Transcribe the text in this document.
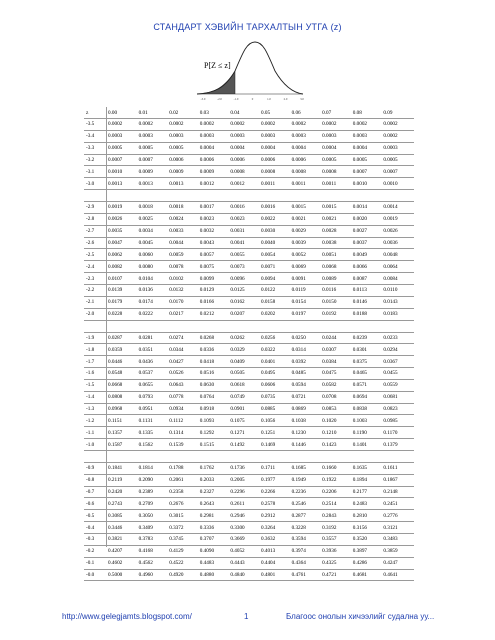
СТАНДАРТ ХЭВИЙН ТАРХАЛТЫН УТГА (z)
P[Z ≤ z]
-3.0	-2.0	-1.0	0	1.0	2.0	3.0
z	0.00	0.01	0.02	0.03	0.04	0.05	0.06	0.07	0.08	0.09
-3.5	0.0002	0.0002	0.0002	0.0002	0.0002	0.0002	0.0002	0.0002	0.0002	0.0002
-3.4	0.0003	0.0003	0.0003	0.0003	0.0003	0.0003	0.0003	0.0003	0.0003	0.0002
-3.3	0.0005	0.0005	0.0005	0.0004	0.0004	0.0004	0.0004	0.0004	0.0004	0.0003
-3.2	0.0007	0.0007	0.0006	0.0006	0.0006	0.0006	0.0006	0.0005	0.0005	0.0005
-3.1	0.0010	0.0009	0.0009	0.0009	0.0008	0.0008	0.0008	0.0008	0.0007	0.0007
-3.0	0.0013	0.0013	0.0013	0.0012	0.0012	0.0011	0.0011	0.0011	0.0010	0.0010
-2.9	0.0019	0.0018	0.0018	0.0017	0.0016	0.0016	0.0015	0.0015	0.0014	0.0014
-2.8	0.0026	0.0025	0.0024	0.0023	0.0023	0.0022	0.0021	0.0021	0.0020	0.0019
-2.7	0.0035	0.0034	0.0033	0.0032	0.0031	0.0030	0.0029	0.0028	0.0027	0.0026
-2.6	0.0047	0.0045	0.0044	0.0043	0.0041	0.0040	0.0039	0.0038	0.0037	0.0036
-2.5	0.0062	0.0060	0.0059	0.0057	0.0055	0.0054	0.0052	0.0051	0.0049	0.0048
-2.4	0.0082	0.0080	0.0078	0.0075	0.0073	0.0071	0.0069	0.0068	0.0066	0.0064
-2.3	0.0107	0.0104	0.0102	0.0099	0.0096	0.0094	0.0091	0.0089	0.0087	0.0084
-2.2	0.0139	0.0136	0.0132	0.0129	0.0125	0.0122	0.0119	0.0116	0.0113	0.0110
-2.1	0.0179	0.0174	0.0170	0.0166	0.0162	0.0158	0.0154	0.0150	0.0146	0.0143
-2.0	0.0228	0.0222	0.0217	0.0212	0.0207	0.0202	0.0197	0.0192	0.0188	0.0183
-1.9	0.0287	0.0281	0.0274	0.0268	0.0262	0.0256	0.0250	0.0244	0.0239	0.0233
-1.8	0.0359	0.0351	0.0344	0.0336	0.0329	0.0322	0.0314	0.0307	0.0301	0.0294
-1.7	0.0446	0.0436	0.0427	0.0418	0.0409	0.0401	0.0392	0.0384	0.0375	0.0367
-1.6	0.0548	0.0537	0.0526	0.0516	0.0505	0.0495	0.0485	0.0475	0.0465	0.0455
-1.5	0.0668	0.0655	0.0643	0.0630	0.0618	0.0606	0.0594	0.0582	0.0571	0.0559
-1.4	0.0808	0.0793	0.0778	0.0764	0.0749	0.0735	0.0721	0.0708	0.0694	0.0681
-1.3	0.0968	0.0951	0.0934	0.0918	0.0901	0.0885	0.0869	0.0853	0.0838	0.0823
-1.2	0.1151	0.1131	0.1112	0.1093	0.1075	0.1056	0.1038	0.1020	0.1003	0.0985
-1.1	0.1357	0.1335	0.1314	0.1292	0.1271	0.1251	0.1230	0.1210	0.1190	0.1170
-1.0	0.1587	0.1562	0.1539	0.1515	0.1492	0.1469	0.1446	0.1423	0.1401	0.1379
-0.9	0.1841	0.1814	0.1788	0.1762	0.1736	0.1711	0.1685	0.1660	0.1635	0.1611
-0.8	0.2119	0.2090	0.2061	0.2033	0.2005	0.1977	0.1949	0.1922	0.1894	0.1867
-0.7	0.2420	0.2389	0.2358	0.2327	0.2296	0.2266	0.2236	0.2206	0.2177	0.2148
-0.6	0.2743	0.2709	0.2676	0.2643	0.2611	0.2578	0.2546	0.2514	0.2483	0.2451
-0.5	0.3085	0.3050	0.3015	0.2981	0.2946	0.2912	0.2877	0.2843	0.2810	0.2776
-0.4	0.3446	0.3409	0.3372	0.3336	0.3300	0.3264	0.3228	0.3192	0.3156	0.3121
-0.3	0.3821	0.3783	0.3745	0.3707	0.3669	0.3632	0.3594	0.3557	0.3520	0.3483
-0.2	0.4207	0.4168	0.4129	0.4090	0.4052	0.4013	0.3974	0.3936	0.3897	0.3859
-0.1	0.4602	0.4562	0.4522	0.4483	0.4443	0.4404	0.4364	0.4325	0.4286	0.4247
-0.0	0.5000	0.4960	0.4920	0.4880	0.4840	0.4801	0.4761	0.4721	0.4681	0.4641
http://www.gelegjamts.blogspot.com/	1	Благоос онолын хичээлийг судална уу...
